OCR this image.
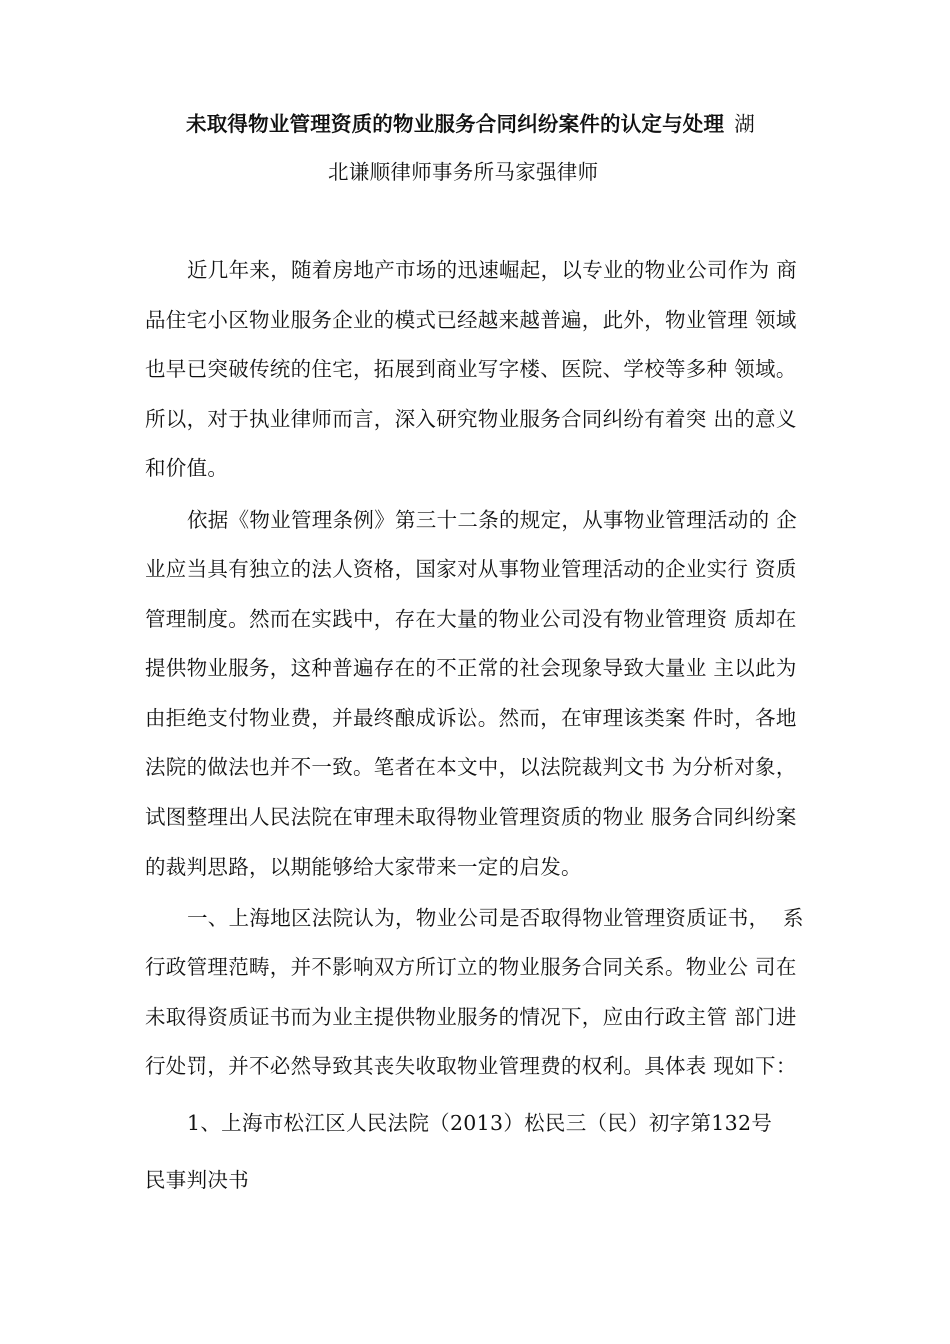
未取得物业管理资质的物业服务合同纠纷案件的认定与处理 湖
北谦顺律师事务所马家强律师
近几年来，随着房地产市场的迅速崛起，以专业的物业公司作为 商
品住宅小区物业服务企业的模式已经越来越普遍，此外，物业管理 领域
也早已突破传统的住宅，拓展到商业写字楼、医院、学校等多种 领域。
所以，对于执业律师而言，深入研究物业服务合同纠纷有着突 出的意义
和价值。
依据《物业管理条例》第三十二条的规定，从事物业管理活动的 企
业应当具有独立的法人资格，国家对从事物业管理活动的企业实行 资质
管理制度。然而在实践中，存在大量的物业公司没有物业管理资 质却在
提供物业服务，这种普遍存在的不正常的社会现象导致大量业 主以此为
由拒绝支付物业费，并最终酿成诉讼。然而，在审理该类案 件时，各地
法院的做法也并不一致。笔者在本文中，以法院裁判文书 为分析对象，
试图整理出人民法院在审理未取得物业管理资质的物业 服务合同纠纷案
的裁判思路，以期能够给大家带来一定的启发。
一、上海地区法院认为，物业公司是否取得物业管理资质证书，  系
行政管理范畴，并不影响双方所订立的物业服务合同关系。物业公 司在
未取得资质证书而为业主提供物业服务的情况下，应由行政主管 部门进
行处罚，并不必然导致其丧失收取物业管理费的权利。具体表 现如下：
1、上海市松江区人民法院（2013）松民三（民）初字第132号
民事判决书
